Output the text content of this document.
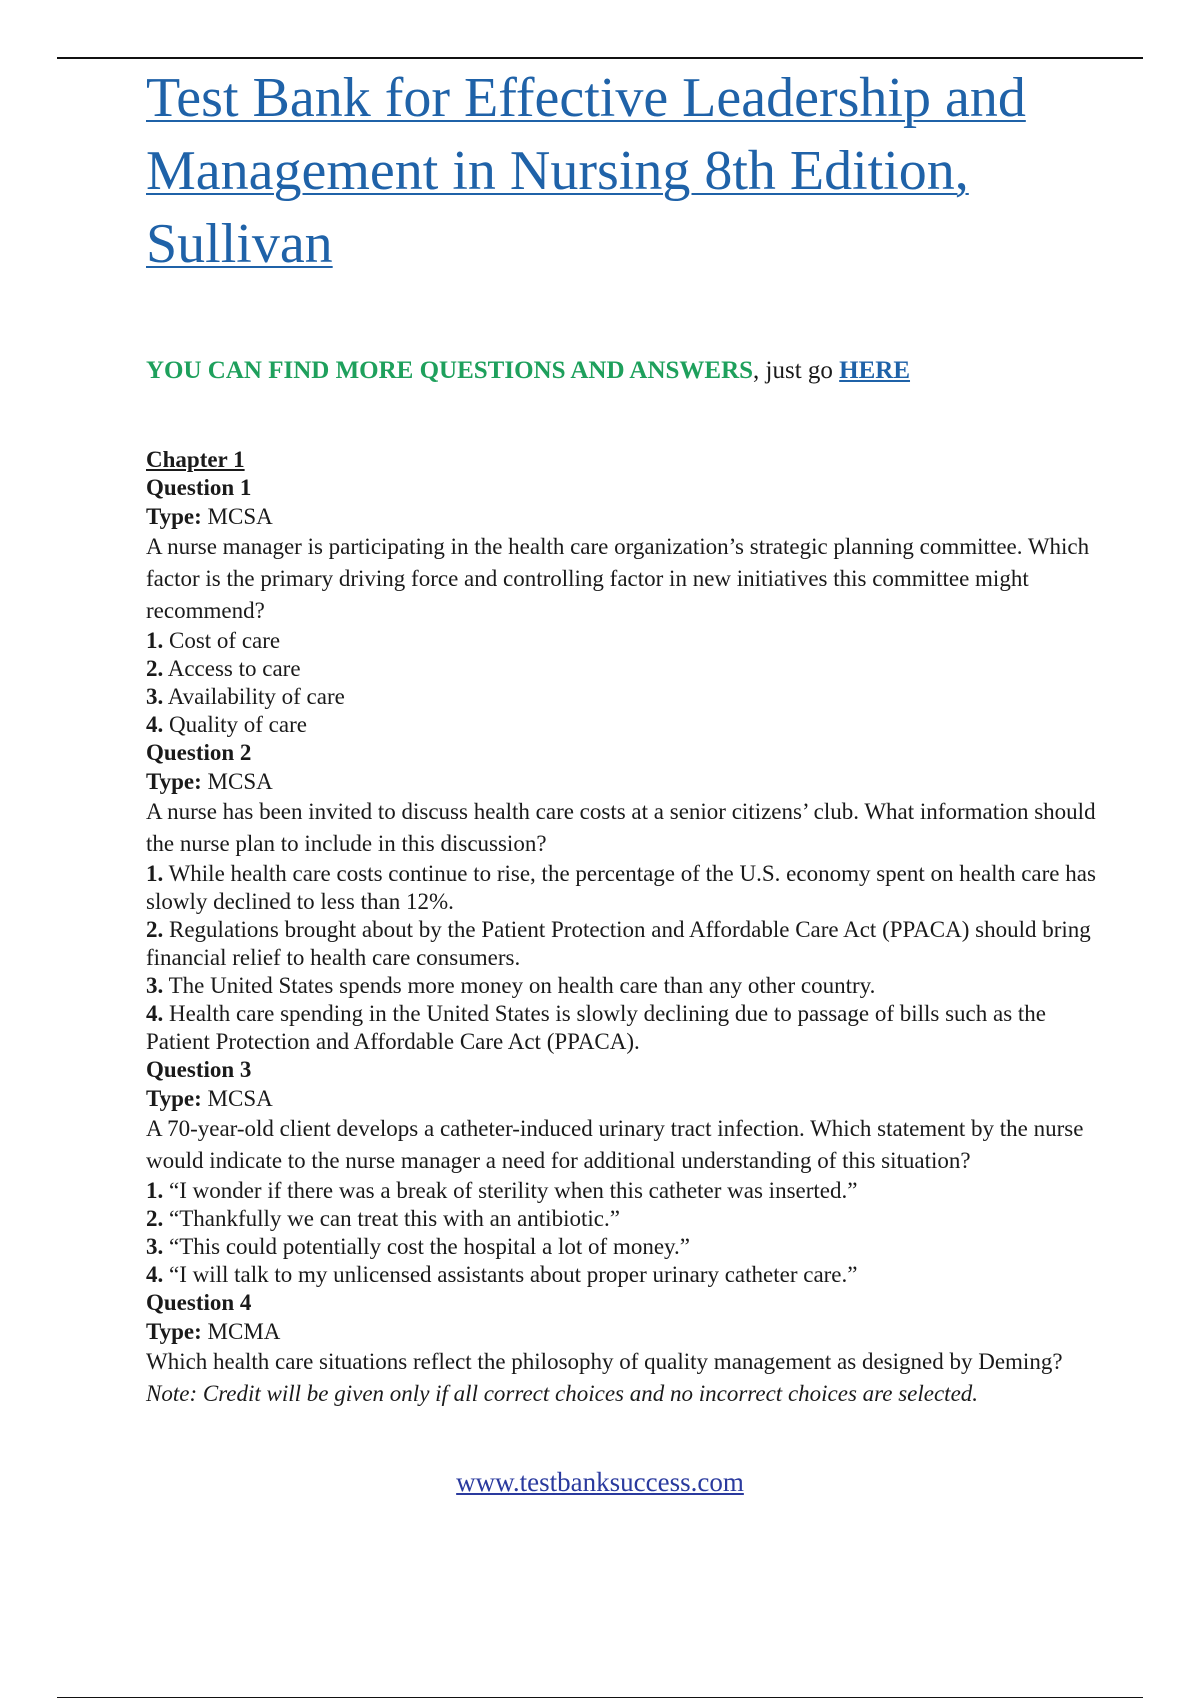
Test Bank for Effective Leadership and Management in Nursing 8th Edition, Sullivan
YOU CAN FIND MORE QUESTIONS AND ANSWERS, just go HERE

Chapter 1

Question 1

Type: MCSA

A nurse manager is participating in the health care organization’s strategic planning committee. Which factor is the primary driving force and controlling factor in new initiatives this committee might recommend?

1. Cost of care
2. Access to care
3. Availability of care
4. Quality of care

Question 2

Type: MCSA

A nurse has been invited to discuss health care costs at a senior citizens’ club. What information should the nurse plan to include in this discussion?

1. While health care costs continue to rise, the percentage of the U.S. economy spent on health care has slowly declined to less than 12%.
2. Regulations brought about by the Patient Protection and Affordable Care Act (PPACA) should bring financial relief to health care consumers.
3. The United States spends more money on health care than any other country.
4. Health care spending in the United States is slowly declining due to passage of bills such as the Patient Protection and Affordable Care Act (PPACA).

Question 3

Type: MCSA

A 70-year-old client develops a catheter-induced urinary tract infection. Which statement by the nurse would indicate to the nurse manager a need for additional understanding of this situation?

1. “I wonder if there was a break of sterility when this catheter was inserted.”
2. “Thankfully we can treat this with an antibiotic.”
3. “This could potentially cost the hospital a lot of money.”
4. “I will talk to my unlicensed assistants about proper urinary catheter care.”

Question 4

Type: MCMA

Which health care situations reflect the philosophy of quality management as designed by Deming?

Note: Credit will be given only if all correct choices and no incorrect choices are selected.

www.testbanksuccess.com
